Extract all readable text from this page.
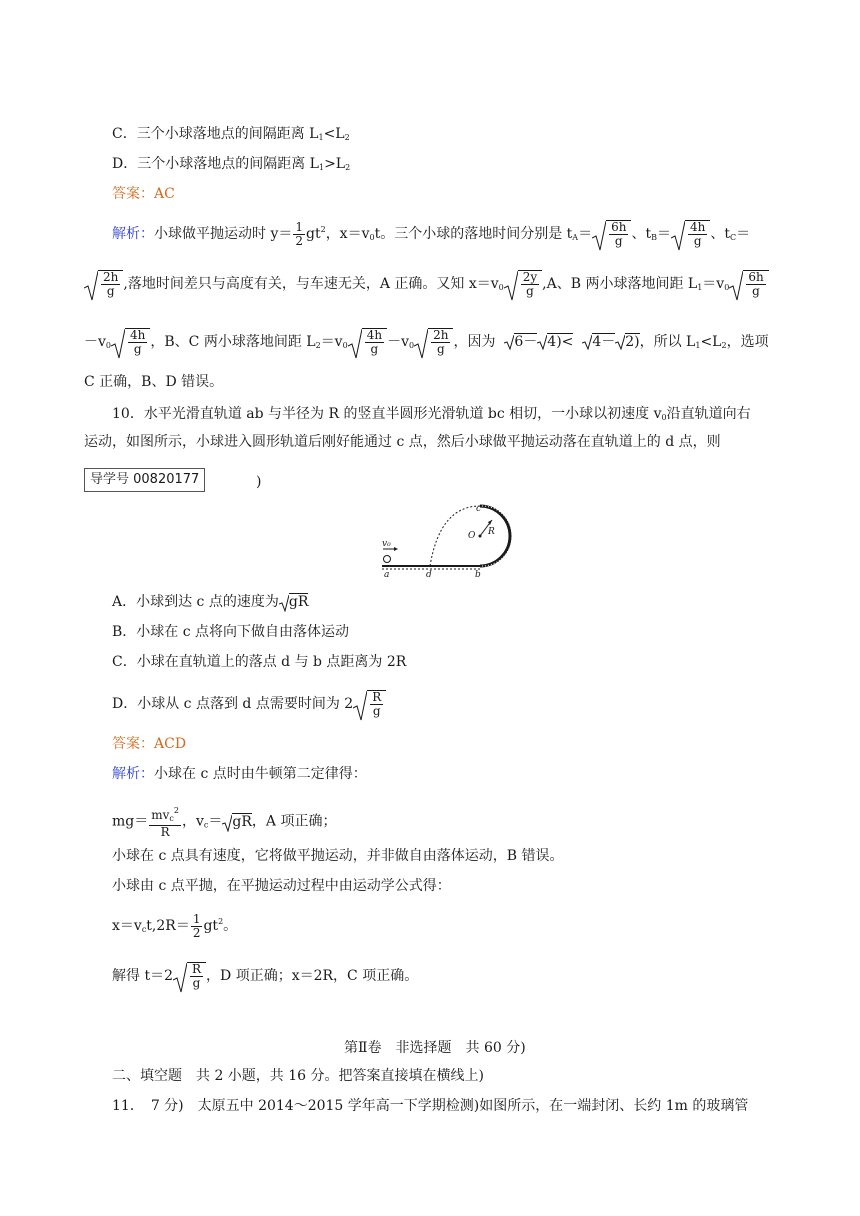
C．三个小球落地点的间隔距离 $L_1<L_2$
D．三个小球落地点的间隔距离 $L_1>L_2$
答案：AC
解析：小球做平抛运动时 $y= \frac{1}{2} gt^2$，$x=v_0t$。三个小球的落地时间分别是 $t_A= \frac{6h}{g}$ 、$t_B= \frac{4h}{g}$ 、$t_C=$
$\frac{2h}{g}$ ,落地时间差只与高度有关，与车速无关，A 正确。又知 $x=v_0 \frac{2y}{g} ,A$、B 两小球落地间距 $L_1=v_0 \frac{6h}{g}$
$-v_0 \frac{4h}{g}$ ，B、C 两小球落地间距 $L_2=v_0 \frac{4h}{g} -v_0 \frac{2h}{g}$ ，因为 6－ 4)< 4－ 2)，所以 $L_1<L_2$，选项
C 正确，B、D 错误。
10．水平光滑直轨道 ab 与半径为 R 的竖直半圆形光滑轨道 bc 相切，一小球以初速度 $v_0$沿直轨道向右
运动，如图所示，小球进入圆形轨道后刚好能通过 c 点，然后小球做平抛运动落在直轨道上的 d 点，则
导学号 00820177	)
v₀
a	d	b
c
O R
A．小球到达 c 点的速度为 gR
B．小球在 c 点将向下做自由落体运动
C．小球在直轨道上的落点 d 与 b 点距离为 2R
D．小球从 c 点落到 d 点需要时间为 $2 \frac{R}{g}$
答案：ACD
解析：小球在 c 点时由牛顿第二定律得：
$mg= \frac{mv_c^2}{R}$ ，$v_c=$ gR，A 项正确；
小球在 c 点具有速度，它将做平抛运动，并非做自由落体运动，B 错误。
小球由 c 点平抛，在平抛运动过程中由运动学公式得：
$x=v_ct,2R= \frac{1}{2} gt^2$。
解得 $t=2 \frac{R}{g}$ ，D 项正确；x＝2R，C 项正确。
第Ⅱ卷　非选择题　共 60 分)
二、填空题　共 2 小题，共 16 分。把答案直接填在横线上)
11．　7 分)　太原五中 2014～2015 学年高一下学期检测)如图所示，在一端封闭、长约 1m 的玻璃管
